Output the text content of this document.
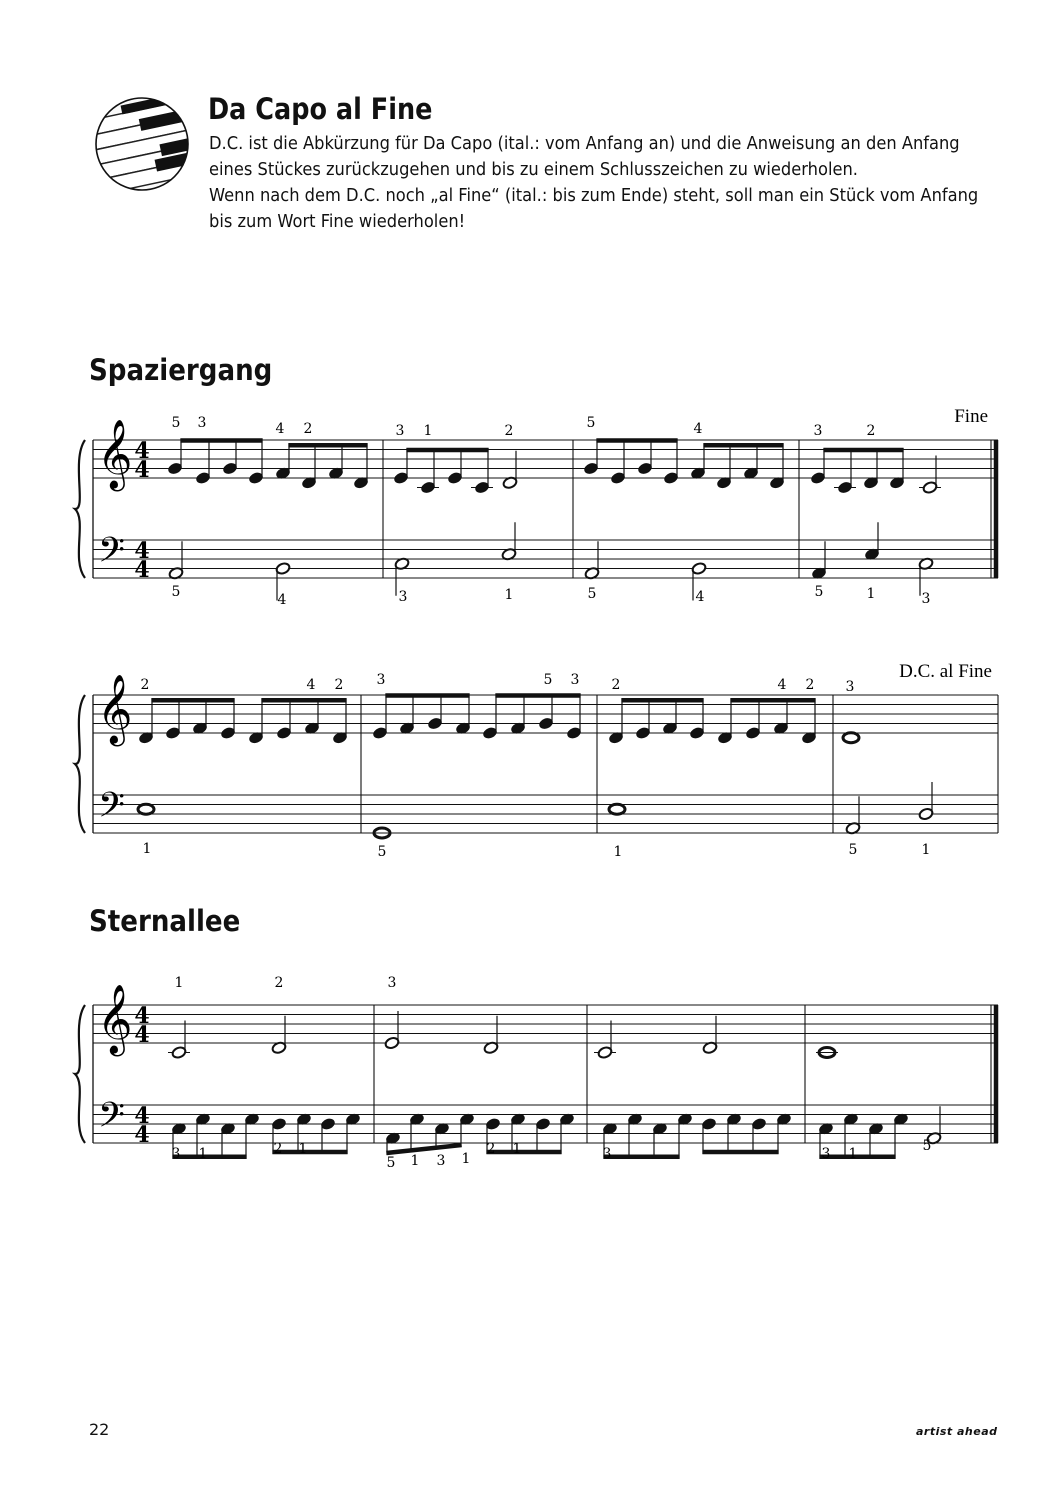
Da Capo al Fine

D.C. ist die Abkürzung für Da Capo (ital.: vom Anfang an) und die Anweisung an den Anfang
eines Stückes zurückzugehen und bis zu einem Schlusszeichen zu wiederholen.
Wenn nach dem D.C. noch „al Fine“ (ital.: bis zum Ende) steht, soll man ein Stück vom Anfang
bis zum Wort Fine wiederholen!

Spaziergang
𝄞
𝄢
4
4
4
4
Fine
5 3	4 2	3 1	2	5	4	3	2
5	4	3	1	5	4	5	1	3
𝄞
𝄢
D.C. al Fine
2	4 2 3	5 3 2	4 2 3
1	5	1	5	1
Sternallee
𝄞
𝄢
4
4
4
4
1	2	3
3 1	2 1
5 1 3 1
2 1	3	3 1	5
22	artist ahead
